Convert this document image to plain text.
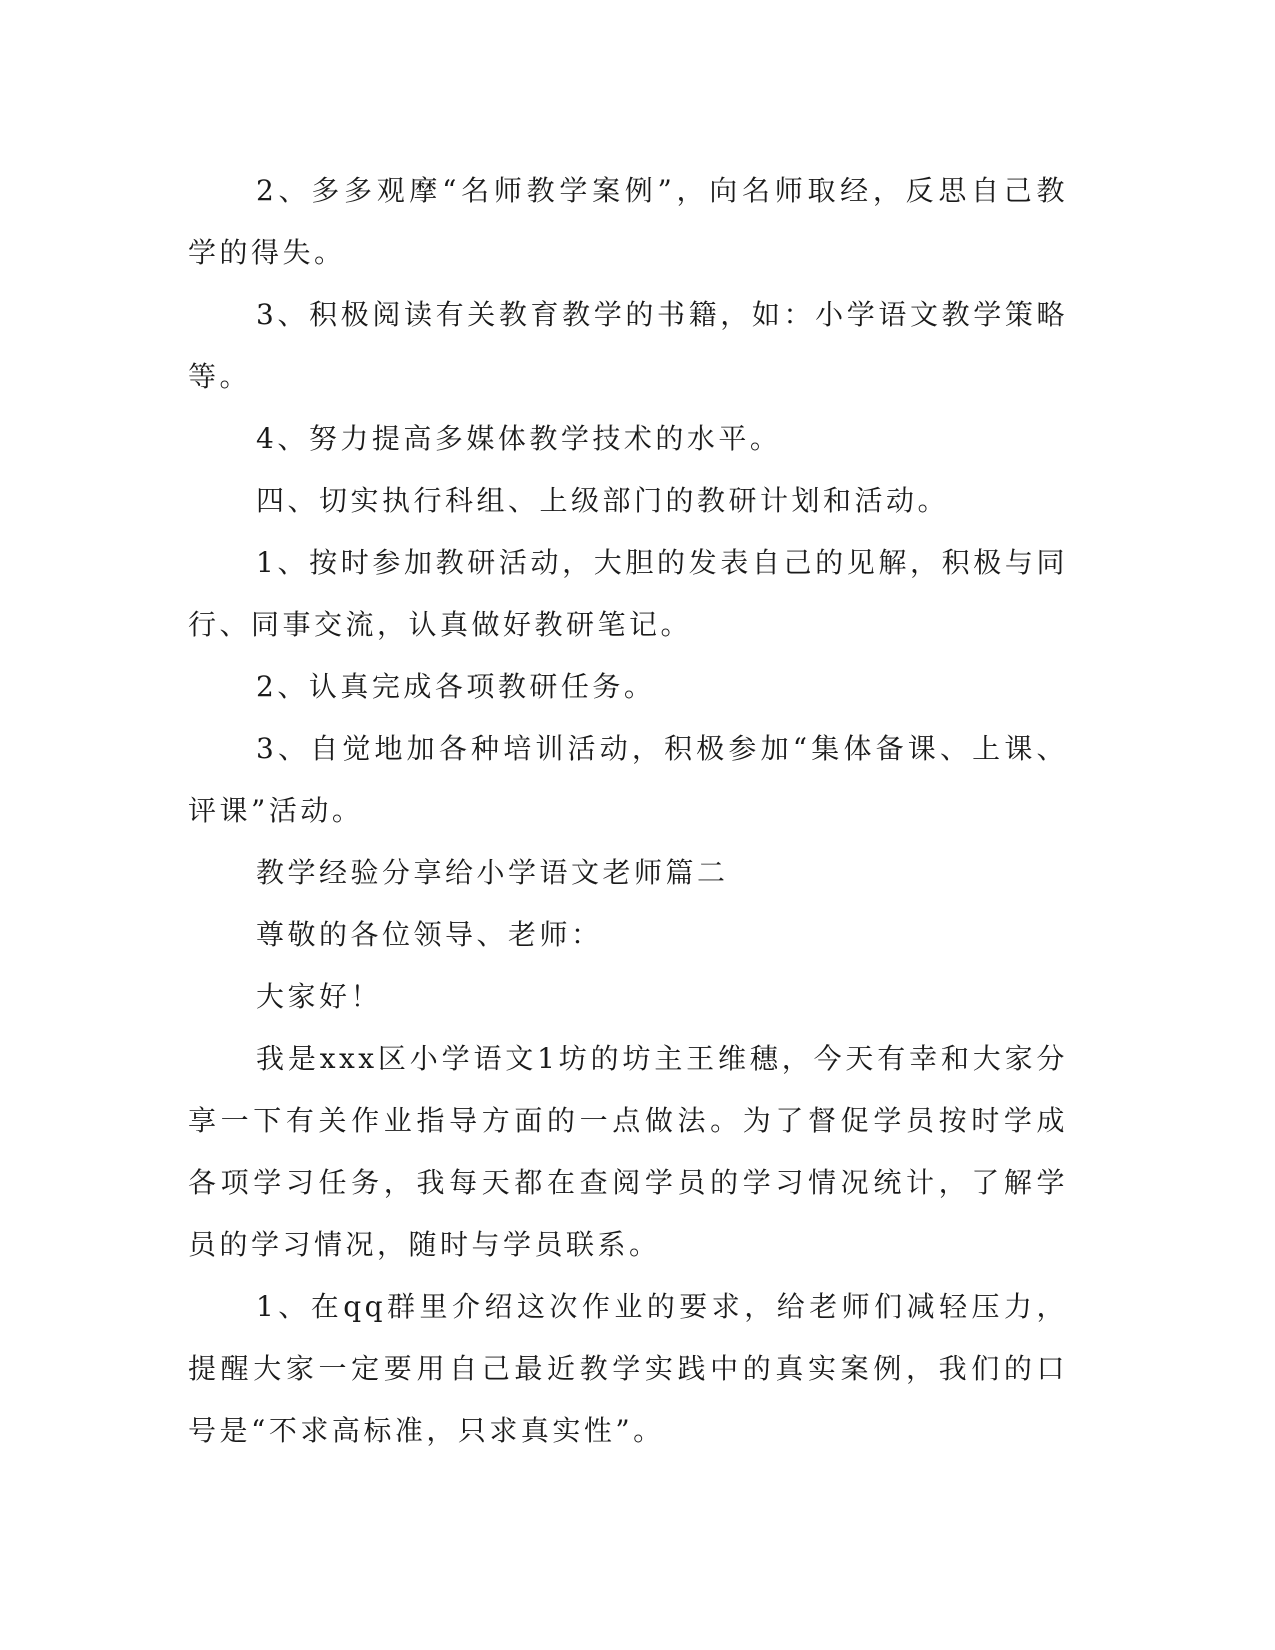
2、多多观摩“名师教学案例”，向名师取经，反思自己教学的得失。

3、积极阅读有关教育教学的书籍，如：小学语文教学策略等。

4、努力提高多媒体教学技术的水平。

四、切实执行科组、上级部门的教研计划和活动。

1、按时参加教研活动，大胆的发表自己的见解，积极与同行、同事交流，认真做好教研笔记。

2、认真完成各项教研任务。

3、自觉地加各种培训活动，积极参加“集体备课、上课、评课”活动。

教学经验分享给小学语文老师篇二

尊敬的各位领导、老师：

大家好！

我是xxx区小学语文1坊的坊主王维穗，今天有幸和大家分享一下有关作业指导方面的一点做法。为了督促学员按时学成各项学习任务，我每天都在查阅学员的学习情况统计，了解学员的学习情况，随时与学员联系。

1、在qq群里介绍这次作业的要求，给老师们减轻压力，提醒大家一定要用自己最近教学实践中的真实案例，我们的口号是“不求高标准，只求真实性”。
